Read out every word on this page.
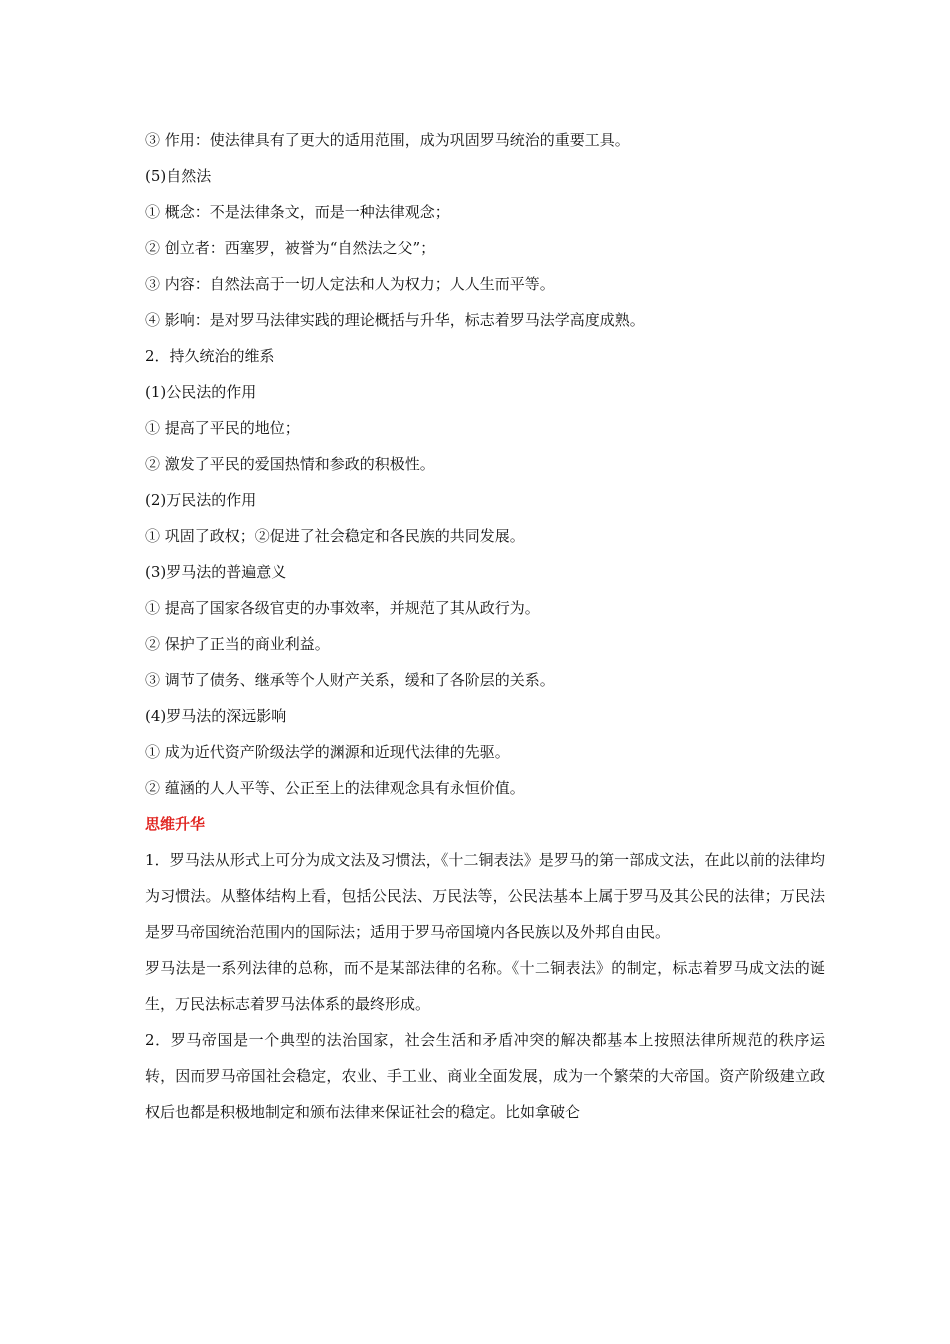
③ 作用：使法律具有了更大的适用范围，成为巩固罗马统治的重要工具。
(5)自然法
① 概念：不是法律条文，而是一种法律观念；
② 创立者：西塞罗，被誉为“自然法之父”；
③ 内容：自然法高于一切人定法和人为权力；人人生而平等。
④ 影响：是对罗马法律实践的理论概括与升华，标志着罗马法学高度成熟。
2．持久统治的维系
(1)公民法的作用
① 提高了平民的地位；
② 激发了平民的爱国热情和参政的积极性。
(2)万民法的作用
① 巩固了政权；②促进了社会稳定和各民族的共同发展。
(3)罗马法的普遍意义
① 提高了国家各级官吏的办事效率，并规范了其从政行为。
② 保护了正当的商业利益。
③ 调节了债务、继承等个人财产关系，缓和了各阶层的关系。
(4)罗马法的深远影响
① 成为近代资产阶级法学的渊源和近现代法律的先驱。
② 蕴涵的人人平等、公正至上的法律观念具有永恒价值。
思维升华
1．罗马法从形式上可分为成文法及习惯法，《十二铜表法》是罗马的第一部成文法，在此以前的法律均为习惯法。从整体结构上看，包括公民法、万民法等，公民法基本上属于罗马及其公民的法律；万民法是罗马帝国统治范围内的国际法；适用于罗马帝国境内各民族以及外邦自由民。
罗马法是一系列法律的总称，而不是某部法律的名称。《十二铜表法》的制定，标志着罗马成文法的诞生，万民法标志着罗马法体系的最终形成。
2．罗马帝国是一个典型的法治国家，社会生活和矛盾冲突的解决都基本上按照法律所规范的秩序运转，因而罗马帝国社会稳定，农业、手工业、商业全面发展，成为一个繁荣的大帝国。资产阶级建立政权后也都是积极地制定和颁布法律来保证社会的稳定。比如拿破仑
